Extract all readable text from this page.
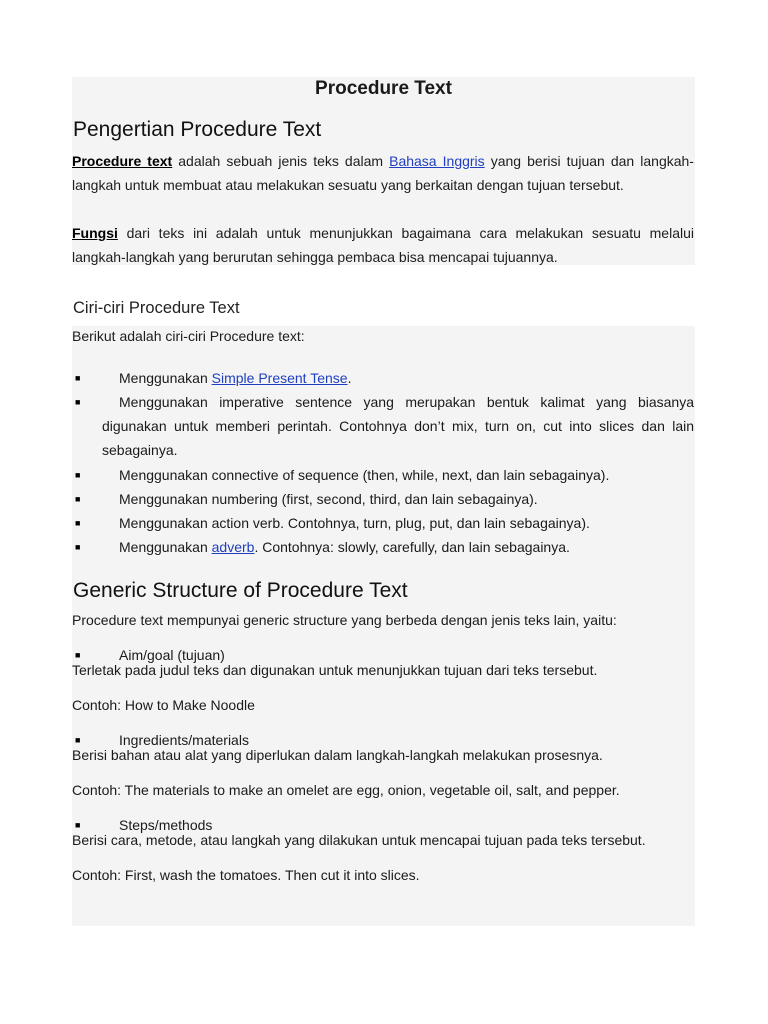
Procedure Text
Pengertian Procedure Text
Procedure text adalah sebuah jenis teks dalam Bahasa Inggris yang berisi tujuan dan langkah-langkah untuk membuat atau melakukan sesuatu yang berkaitan dengan tujuan tersebut.
Fungsi dari teks ini adalah untuk menunjukkan bagaimana cara melakukan sesuatu melalui langkah-langkah yang berurutan sehingga pembaca bisa mencapai tujuannya.
Ciri-ciri Procedure Text
Berikut adalah ciri-ciri Procedure text:
■	Menggunakan Simple Present Tense.
■	Menggunakan imperative sentence yang merupakan bentuk kalimat yang biasanya digunakan untuk memberi perintah. Contohnya don’t mix, turn on, cut into slices dan lain sebagainya.
■	Menggunakan connective of sequence (then, while, next, dan lain sebagainya).
■	Menggunakan numbering (first, second, third, dan lain sebagainya).
■	Menggunakan action verb. Contohnya, turn, plug, put, dan lain sebagainya).
■	Menggunakan adverb. Contohnya: slowly, carefully, dan lain sebagainya.
Generic Structure of Procedure Text
Procedure text mempunyai generic structure yang berbeda dengan jenis teks lain, yaitu:
■	Aim/goal (tujuan)
Terletak pada judul teks dan digunakan untuk menunjukkan tujuan dari teks tersebut.
Contoh: How to Make Noodle
■	Ingredients/materials
Berisi bahan atau alat yang diperlukan dalam langkah-langkah melakukan prosesnya.
Contoh: The materials to make an omelet are egg, onion, vegetable oil, salt, and pepper.
■	Steps/methods
Berisi cara, metode, atau langkah yang dilakukan untuk mencapai tujuan pada teks tersebut.
Contoh: First, wash the tomatoes. Then cut it into slices.
